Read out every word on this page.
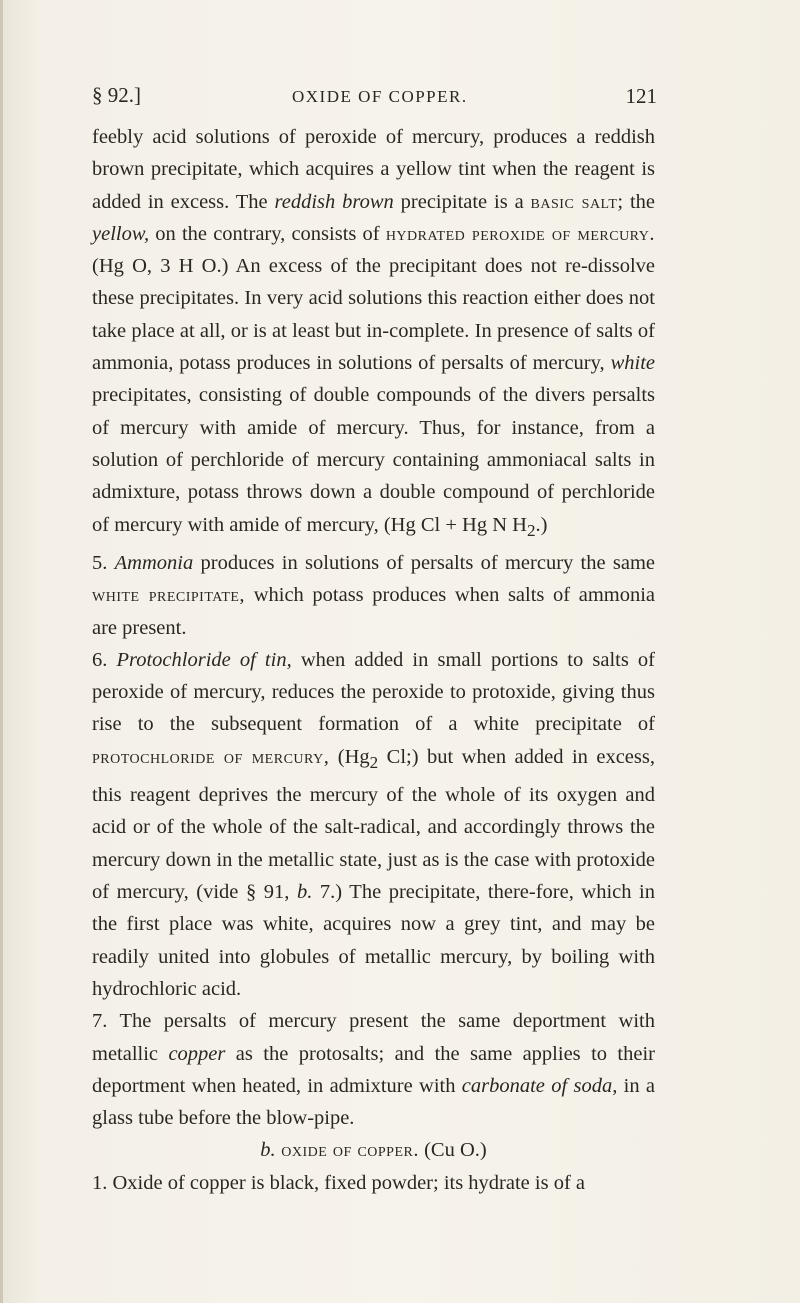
§ 92.]	OXIDE OF COPPER.	121

feebly acid solutions of peroxide of mercury, produces a reddish brown precipitate, which acquires a yellow tint when the reagent is added in excess. The reddish brown precipitate is a basic salt; the yellow, on the contrary, consists of hydrated peroxide of mercury. (Hg O, 3 H O.) An excess of the precipitant does not re-dissolve these precipitates. In very acid solutions this reaction either does not take place at all, or is at least but in-complete. In presence of salts of ammonia, potass produces in solutions of persalts of mercury, white precipitates, consisting of double compounds of the divers persalts of mercury with amide of mercury. Thus, for instance, from a solution of perchloride of mercury containing ammoniacal salts in admixture, potass throws down a double compound of perchloride of mercury with amide of mercury, (Hg Cl + Hg N $H_2$.)

5. Ammonia produces in solutions of persalts of mercury the same white precipitate, which potass produces when salts of ammonia are present.

6. Protochloride of tin, when added in small portions to salts of peroxide of mercury, reduces the peroxide to protoxide, giving thus rise to the subsequent formation of a white precipitate of protochloride of mercury, ($Hg_2$ Cl;) but when added in excess, this reagent deprives the mercury of the whole of its oxygen and acid or of the whole of the salt-radical, and accordingly throws the mercury down in the metallic state, just as is the case with protoxide of mercury, (vide § 91, b. 7.) The precipitate, there-fore, which in the first place was white, acquires now a grey tint, and may be readily united into globules of metallic mercury, by boiling with hydrochloric acid.

7. The persalts of mercury present the same deportment with metallic copper as the protosalts; and the same applies to their deportment when heated, in admixture with carbonate of soda, in a glass tube before the blow-pipe.

b. oxide of copper. (Cu O.)

1. Oxide of copper is black, fixed powder; its hydrate is of a
